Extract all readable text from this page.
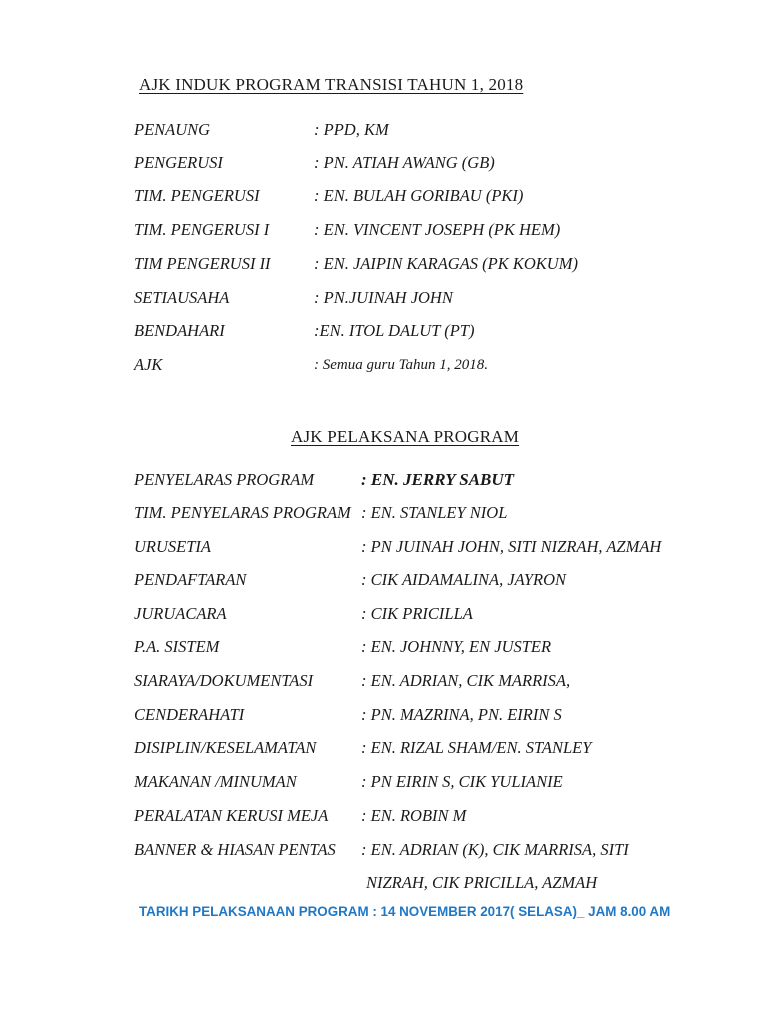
AJK INDUK PROGRAM TRANSISI TAHUN 1, 2018
PENAUNG	: PPD, KM
PENGERUSI	: PN. ATIAH AWANG (GB)
TIM. PENGERUSI	: EN. BULAH GORIBAU (PKI)
TIM. PENGERUSI I	: EN. VINCENT JOSEPH (PK HEM)
TIM PENGERUSI II	: EN. JAIPIN KARAGAS (PK KOKUM)
SETIAUSAHA	: PN.JUINAH JOHN
BENDAHARI	:EN. ITOL DALUT (PT)
AJK	: Semua guru Tahun 1, 2018.
AJK PELAKSANA PROGRAM
PENYELARAS PROGRAM	: EN. JERRY SABUT
TIM. PENYELARAS PROGRAM : EN. STANLEY NIOL
URUSETIA	: PN JUINAH JOHN, SITI NIZRAH, AZMAH
PENDAFTARAN	: CIK AIDAMALINA, JAYRON
JURUACARA	: CIK PRICILLA
P.A. SISTEM	: EN. JOHNNY, EN JUSTER
SIARAYA/DOKUMENTASI	: EN. ADRIAN, CIK MARRISA,
CENDERAHATI	: PN. MAZRINA, PN. EIRIN S
DISIPLIN/KESELAMATAN	: EN. RIZAL SHAM/EN. STANLEY
MAKANAN /MINUMAN	: PN EIRIN S, CIK YULIANIE
PERALATAN KERUSI MEJA : EN. ROBIN M
BANNER & HIASAN PENTAS : EN. ADRIAN (K), CIK MARRISA, SITI
NIZRAH, CIK PRICILLA, AZMAH
TARIKH PELAKSANAAN PROGRAM : 14 NOVEMBER 2017( SELASA)_ JAM 8.00 AM
